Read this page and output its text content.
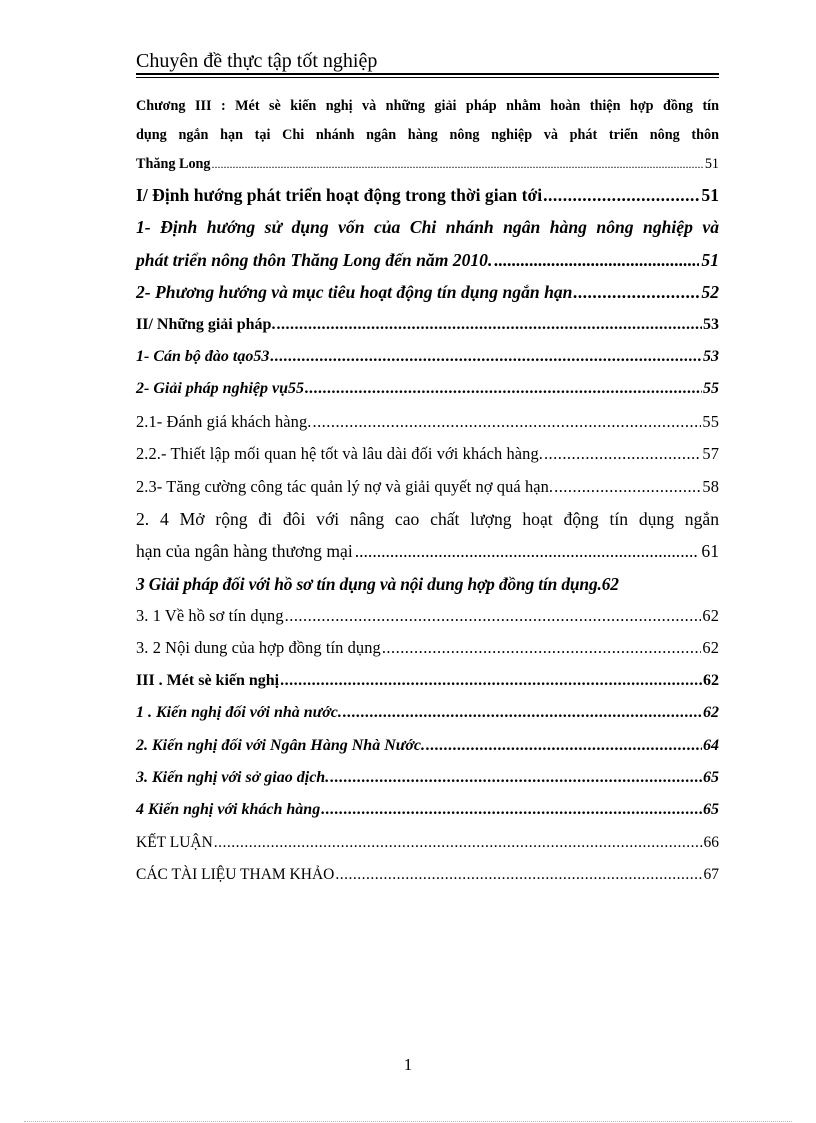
Chuyên đề thực tập tốt nghiệp
Chương III : Mét sè kiến nghị và những giải pháp nhằm hoàn thiện hợp đồng tín
dụng ngắn hạn tại Chi nhánh ngân hàng nông nghiệp và phát triển nông thôn
Thăng Long .....	51
I/ Định hướng phát triển hoạt động trong thời gian tới .....	51
1- Định hướng sử dụng vốn của Chi nhánh ngân hàng nông nghiệp và
phát triển nông thôn Thăng Long đến năm 2010. .....	51
2- Phương hướng và mục tiêu hoạt động tín dụng ngắn hạn .....	52
II/ Những giải pháp. .....	53
1- Cán bộ đào tạo53 .....	53
2- Giải pháp nghiệp vụ55 .....	55
2.1- Đánh giá khách hàng. .....	55
2.2.- Thiết lập mối quan hệ tốt và lâu dài đối với khách hàng. .....	57
2.3- Tăng cường công tác quản lý nợ và giải quyết nợ quá hạn. .....	58
2. 4 Mở rộng đi đôi với nâng cao chất lượng hoạt động tín dụng ngắn
hạn của ngân hàng thương mại .....	61
3 Giải pháp đối với hồ sơ tín dụng và nội dung hợp đồng tín dụng. 62
3. 1 Về hồ sơ tín dụng .....	62
3. 2 Nội dung của hợp đồng tín dụng .....	62
III . Mét sè kiến nghị .....	62
1 . Kiến nghị đối với nhà nước. .....	62
2. Kiến nghị đối với Ngân Hàng Nhà Nước. .....	64
3. Kiến nghị với sở giao dịch. .....	65
4 Kiến nghị với khách hàng .....	65
KẾT LUẬN .....	66
CÁC TÀI LIỆU THAM KHẢO .....	67
1
